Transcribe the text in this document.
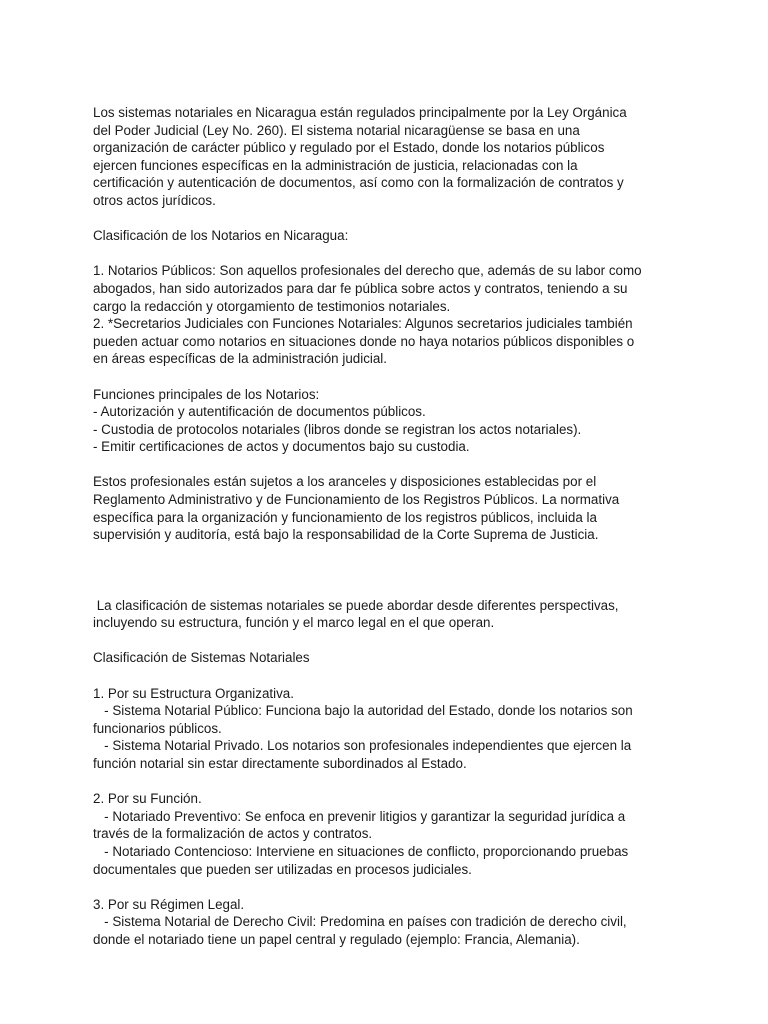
Los sistemas notariales en Nicaragua están regulados principalmente por la Ley Orgánica
del Poder Judicial (Ley No. 260). El sistema notarial nicaragüense se basa en una
organización de carácter público y regulado por el Estado, donde los notarios públicos
ejercen funciones específicas en la administración de justicia, relacionadas con la
certificación y autenticación de documentos, así como con la formalización de contratos y
otros actos jurídicos.
Clasificación de los Notarios en Nicaragua:
1. Notarios Públicos: Son aquellos profesionales del derecho que, además de su labor como
abogados, han sido autorizados para dar fe pública sobre actos y contratos, teniendo a su
cargo la redacción y otorgamiento de testimonios notariales.
2. *Secretarios Judiciales con Funciones Notariales: Algunos secretarios judiciales también
pueden actuar como notarios en situaciones donde no haya notarios públicos disponibles o
en áreas específicas de la administración judicial.
Funciones principales de los Notarios:
- Autorización y autentificación de documentos públicos.
- Custodia de protocolos notariales (libros donde se registran los actos notariales).
- Emitir certificaciones de actos y documentos bajo su custodia.
Estos profesionales están sujetos a los aranceles y disposiciones establecidas por el
Reglamento Administrativo y de Funcionamiento de los Registros Públicos. La normativa
específica para la organización y funcionamiento de los registros públicos, incluida la
supervisión y auditoría, está bajo la responsabilidad de la Corte Suprema de Justicia.

La clasificación de sistemas notariales se puede abordar desde diferentes perspectivas,
incluyendo su estructura, función y el marco legal en el que operan.
Clasificación de Sistemas Notariales
1. Por su Estructura Organizativa.
- Sistema Notarial Público: Funciona bajo la autoridad del Estado, donde los notarios son
funcionarios públicos.
- Sistema Notarial Privado. Los notarios son profesionales independientes que ejercen la
función notarial sin estar directamente subordinados al Estado.
2. Por su Función.
- Notariado Preventivo: Se enfoca en prevenir litigios y garantizar la seguridad jurídica a
través de la formalización de actos y contratos.
- Notariado Contencioso: Interviene en situaciones de conflicto, proporcionando pruebas
documentales que pueden ser utilizadas en procesos judiciales.
3. Por su Régimen Legal.
- Sistema Notarial de Derecho Civil: Predomina en países con tradición de derecho civil,
donde el notariado tiene un papel central y regulado (ejemplo: Francia, Alemania).
